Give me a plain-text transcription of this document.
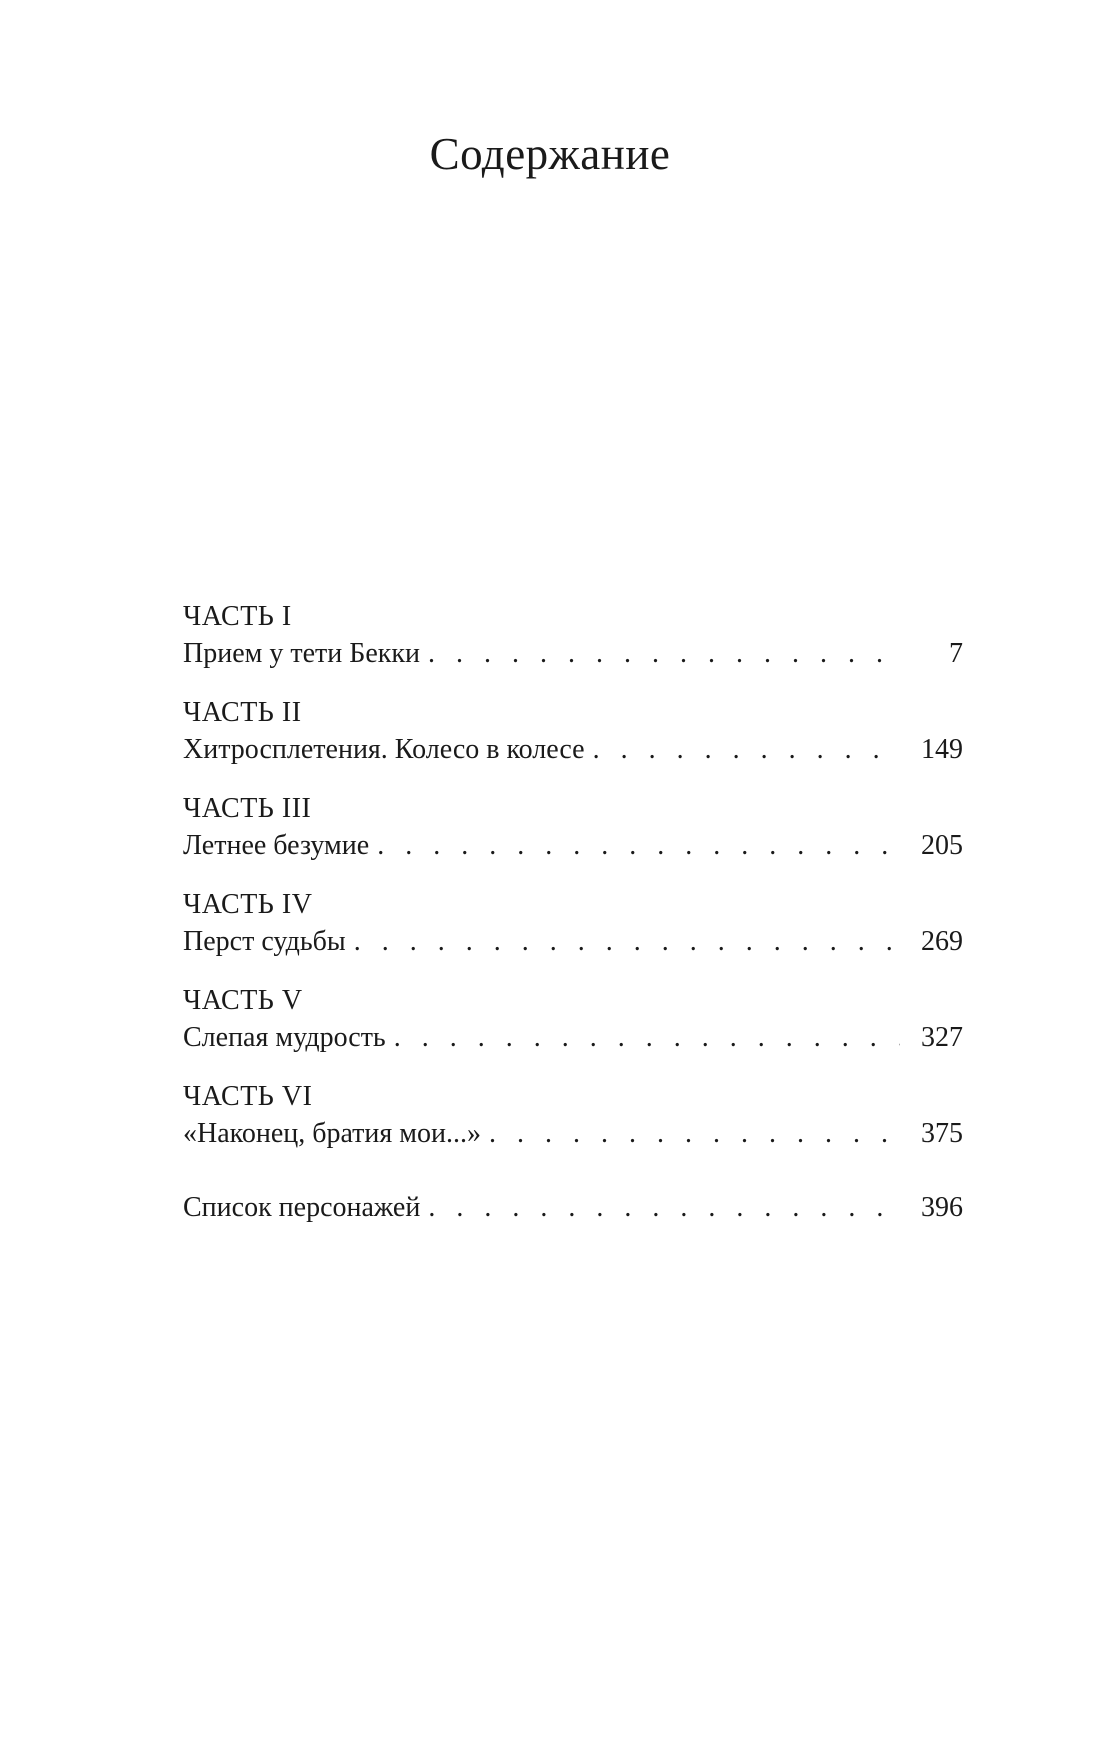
Содержание
ЧАСТЬ I
Прием у тети Бекки . . .	7
ЧАСТЬ II
Хитросплетения. Колесо в колесе . . .	149
ЧАСТЬ III
Летнее безумие . . .	205
ЧАСТЬ IV
Перст судьбы . . .	269
ЧАСТЬ V
Слепая мудрость . . .	327
ЧАСТЬ VI
«Наконец, братия мои...» . . .	375
Список персонажей . . .	396
